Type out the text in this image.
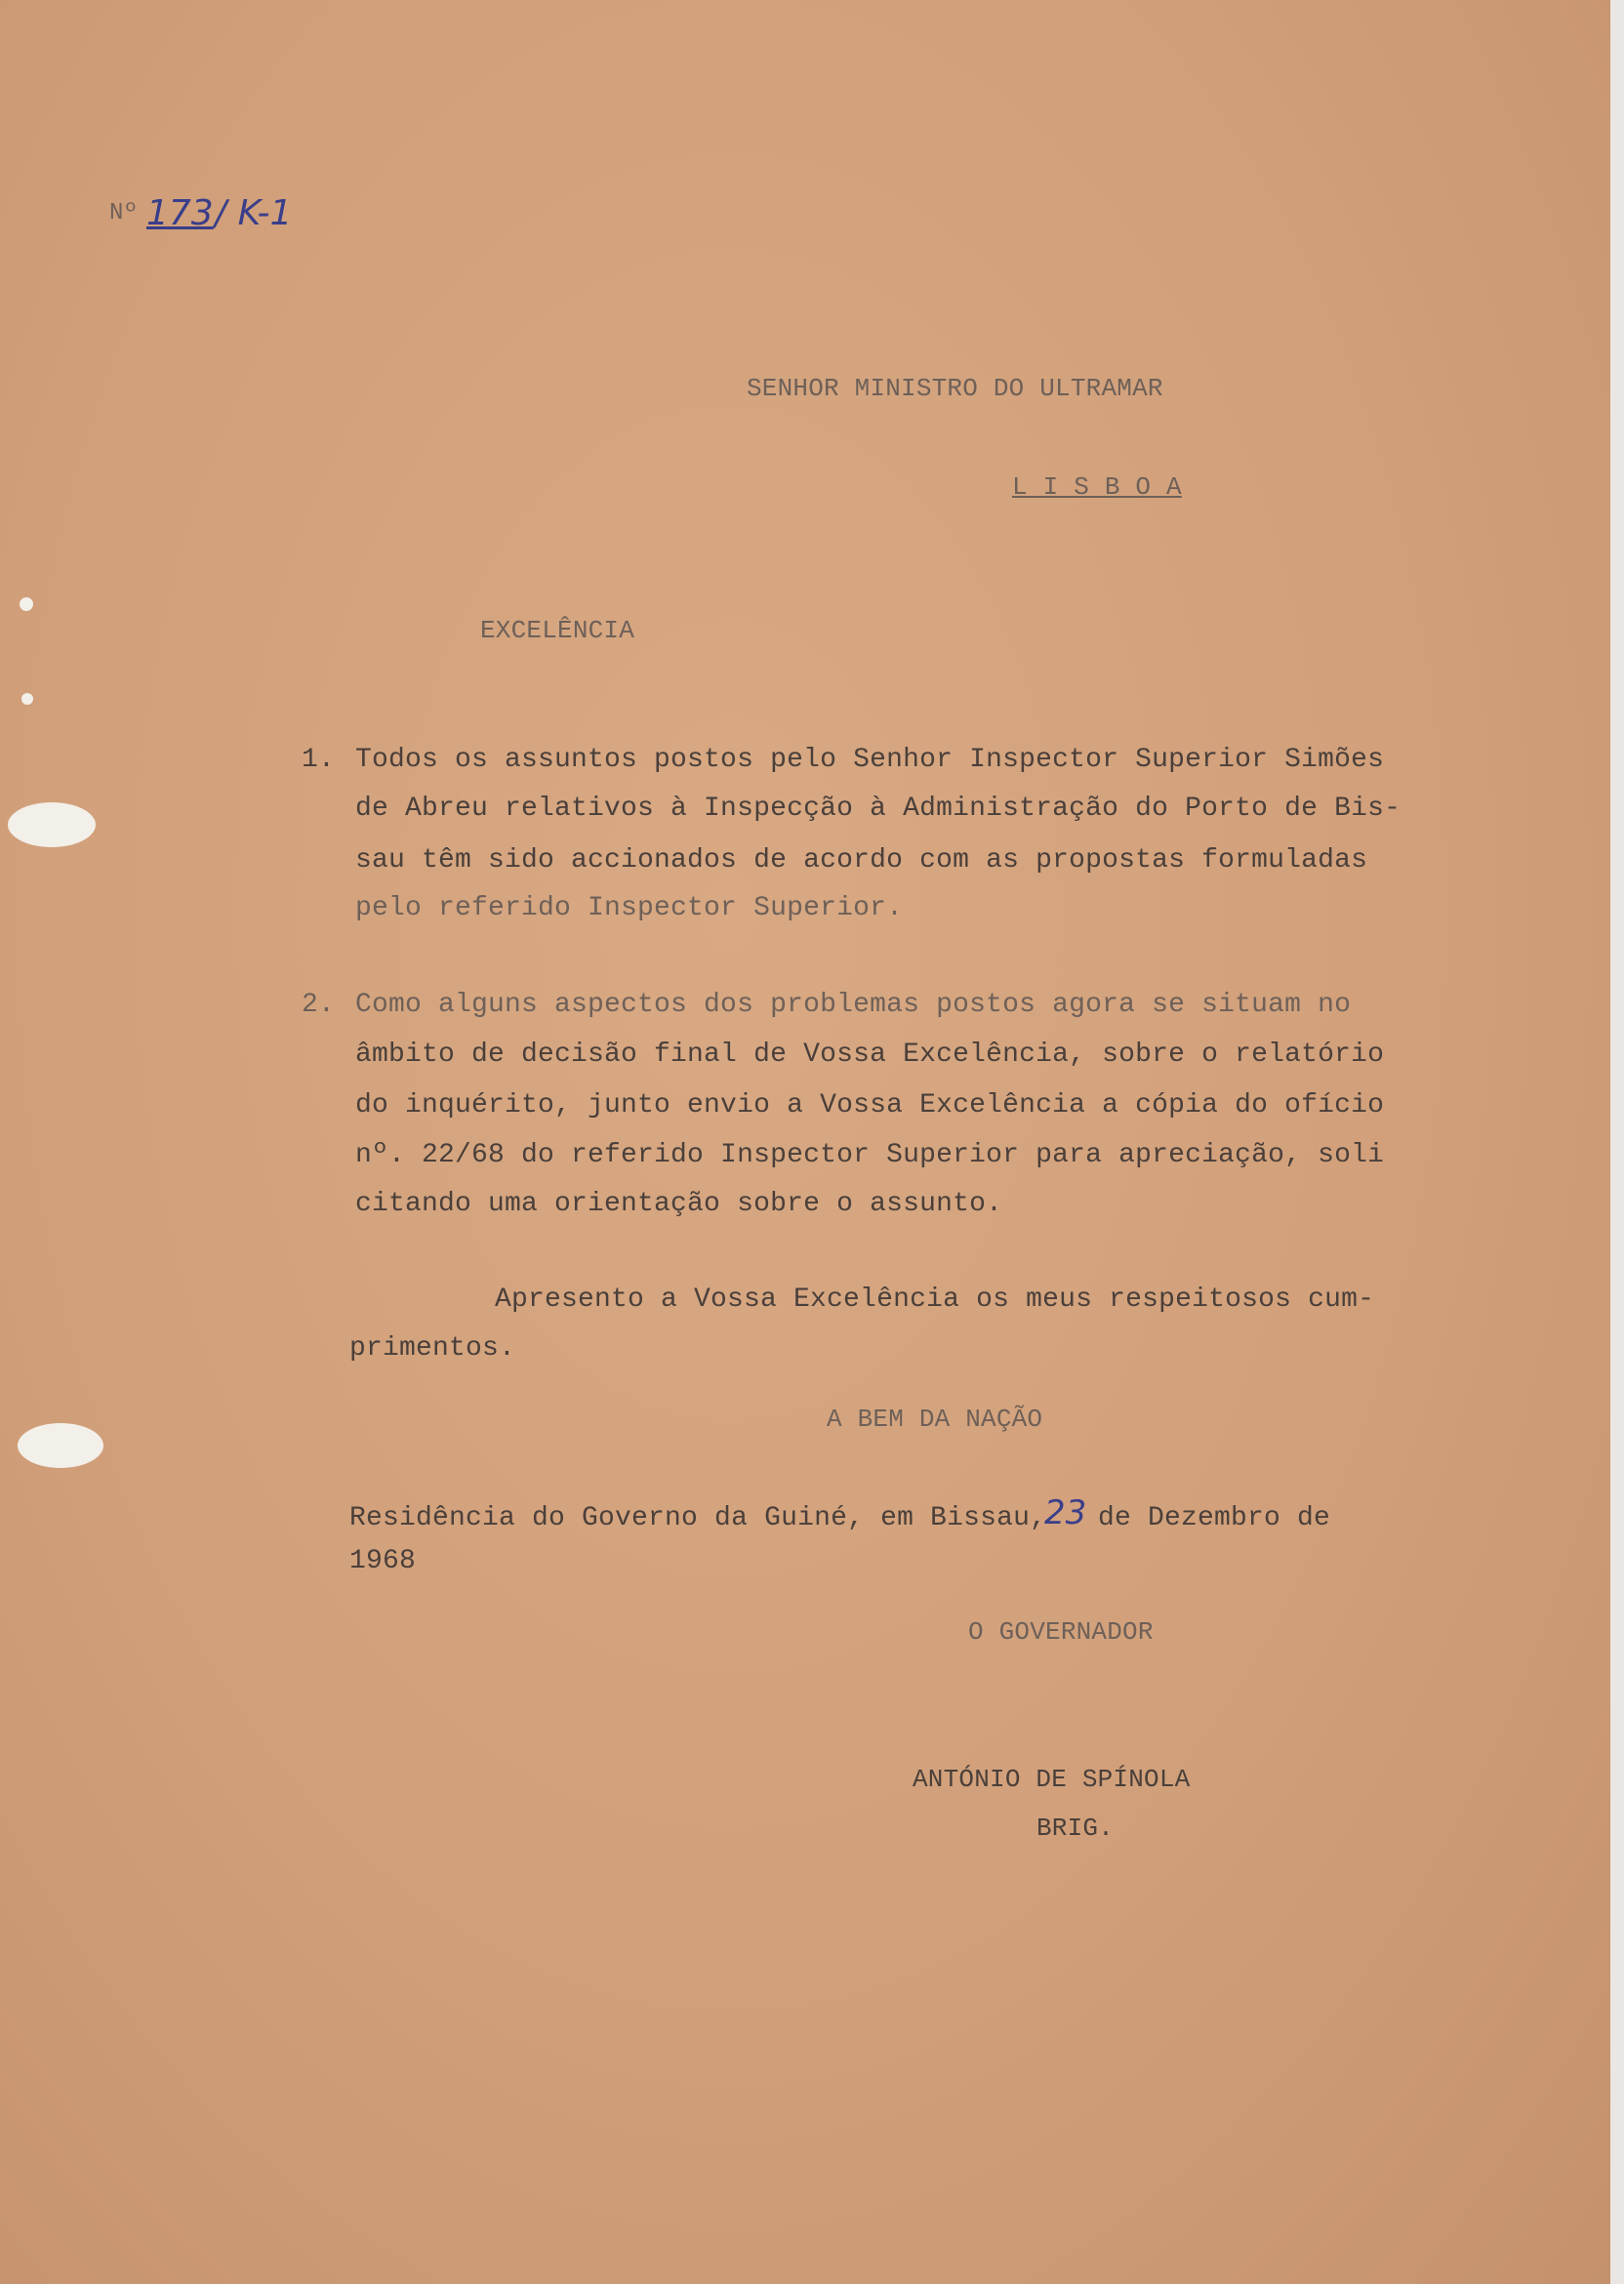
Nº 173 / K-1
SENHOR MINISTRO DO ULTRAMAR
L I S B O A
EXCELÊNCIA
1. Todos os assuntos postos pelo Senhor Inspector Superior Simões
de Abreu relativos à Inspecção à Administração do Porto de Bis-
sau têm sido accionados de acordo com as propostas formuladas
pelo referido Inspector Superior.
2. Como alguns aspectos dos problemas postos agora se situam no
âmbito de decisão final de Vossa Excelência, sobre o relatório
do inquérito, junto envio a Vossa Excelência a cópia do ofício
nº. 22/68 do referido Inspector Superior para apreciação, soli
citando uma orientação sobre o assunto.
Apresento a Vossa Excelência os meus respeitosos cum-
primentos.
A BEM DA NAÇÃO
Residência do Governo da Guiné, em Bissau,
23
de Dezembro de
1968
O GOVERNADOR
ANTÓNIO DE SPÍNOLA
BRIG.
